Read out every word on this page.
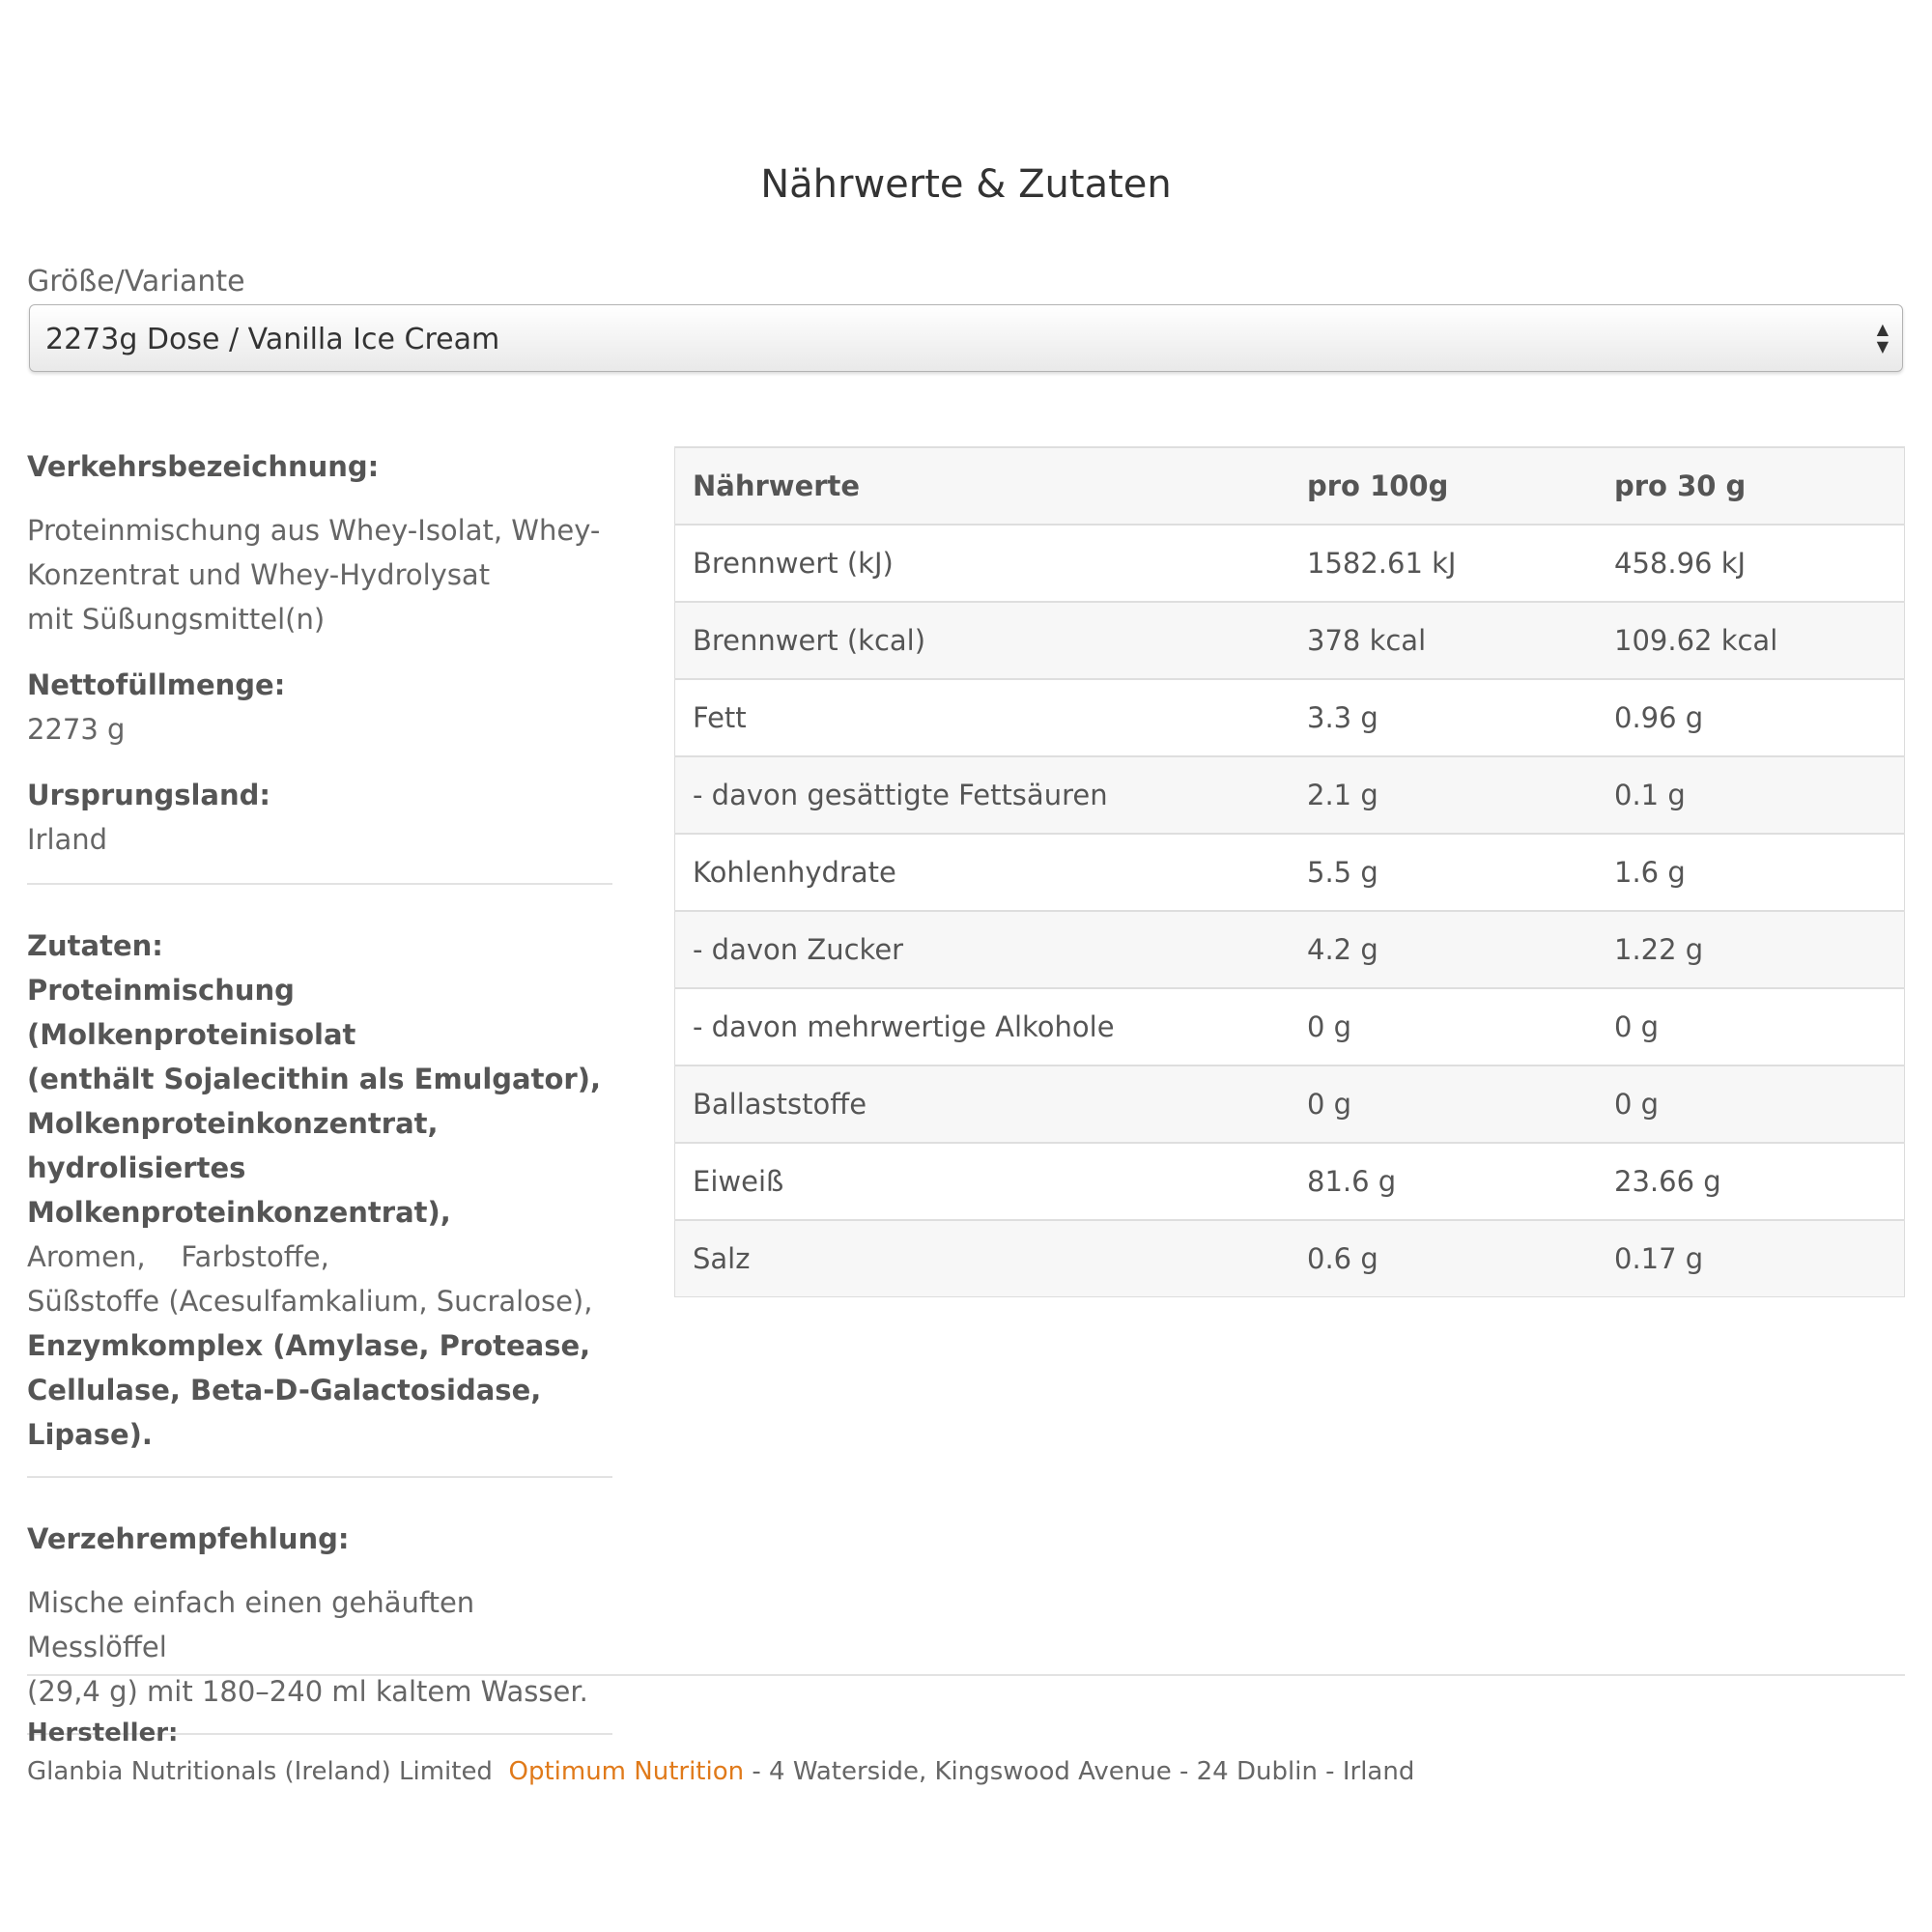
Nährwerte & Zutaten
Größe/Variante
2273g Dose / Vanilla Ice Cream	▲
▼
Verkehrsbezeichnung:
Proteinmischung aus Whey-Isolat, Whey-
Konzentrat und Whey-Hydrolysat
mit Süßungsmittel(n)
Nettofüllmenge:
2273 g
Ursprungsland:
Irland
Zutaten:
Proteinmischung (Molkenproteinisolat
(enthält Sojalecithin als Emulgator),
Molkenproteinkonzentrat, hydrolisiertes
Molkenproteinkonzentrat),
Aromen,    Farbstoffe,
Süßstoffe (Acesulfamkalium, Sucralose),
Enzymkomplex (Amylase, Protease,
Cellulase, Beta-D-Galactosidase, Lipase).
Verzehrempfehlung:
Mische einfach einen gehäuften Messlöffel
(29,4 g) mit 180–240 ml kaltem Wasser.
Nährwerte	pro 100g	pro 30 g
Brennwert (kJ)	1582.61 kJ	458.96 kJ
Brennwert (kcal)	378 kcal	109.62 kcal
Fett	3.3 g	0.96 g
- davon gesättigte Fettsäuren	2.1 g	0.1 g
Kohlenhydrate	5.5 g	1.6 g
- davon Zucker	4.2 g	1.22 g
- davon mehrwertige Alkohole	0 g	0 g
Ballaststoffe	0 g	0 g
Eiweiß	81.6 g	23.66 g
Salz	0.6 g	0.17 g
Hersteller:
Glanbia Nutritionals (Ireland) Limited Optimum Nutrition - 4 Waterside, Kingswood Avenue - 24 Dublin - Irland
